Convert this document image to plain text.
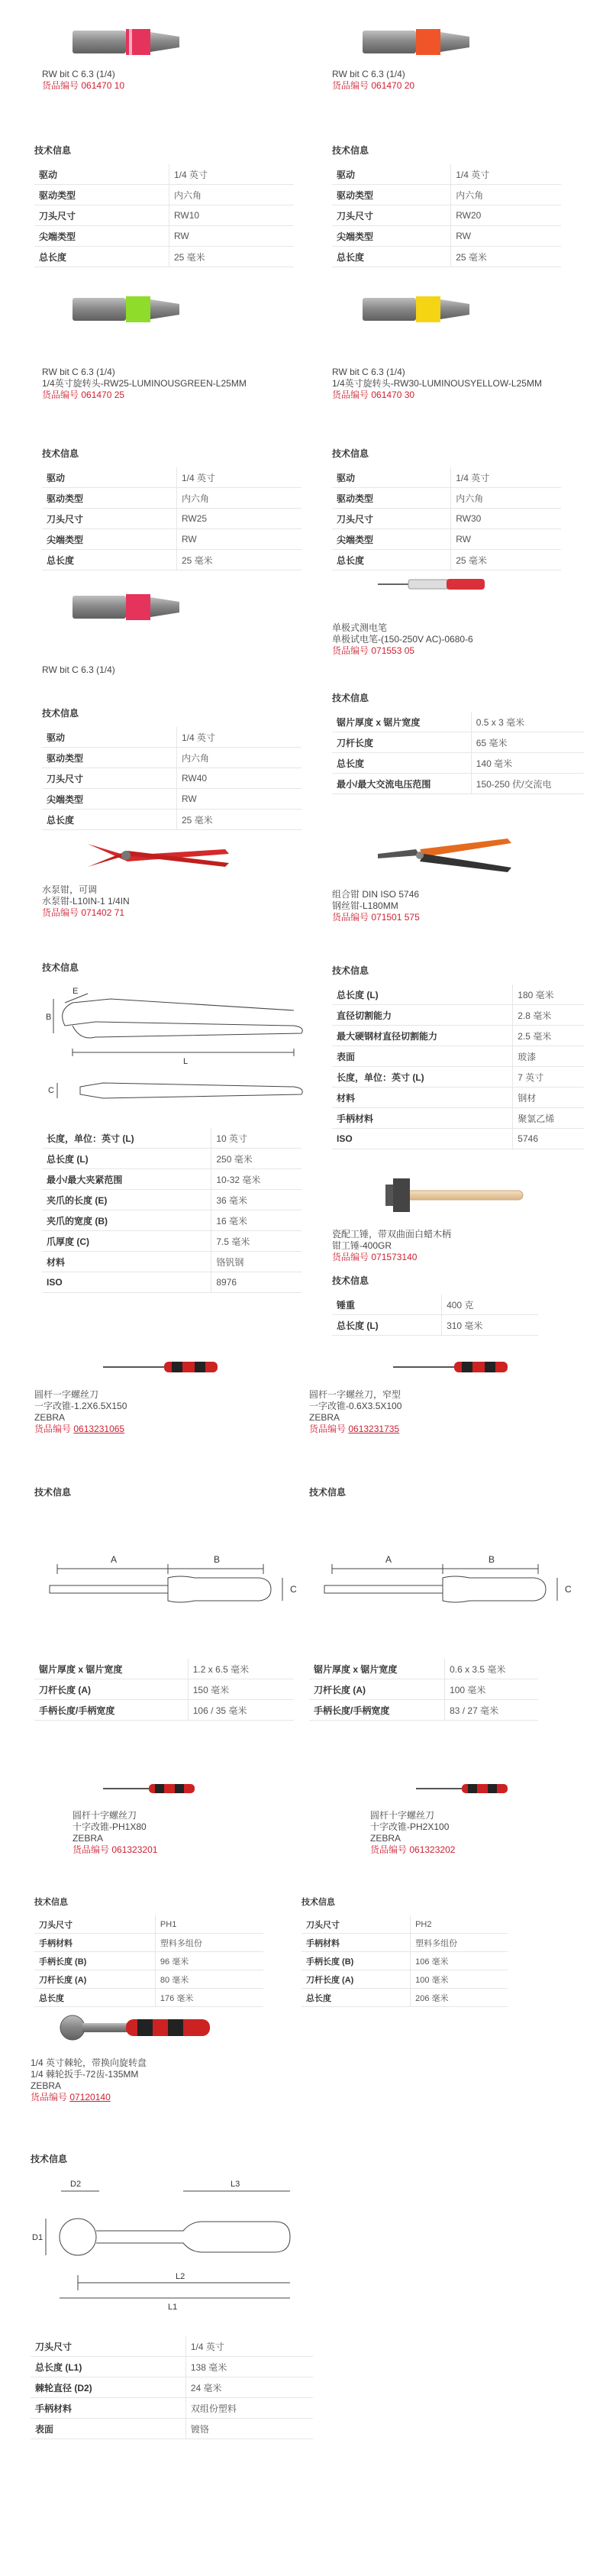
RW bit C 6.3 (1/4)
货品编号 061470 10
RW bit C 6.3 (1/4)
货品编号 061470 20
技术信息
驱动	1/4 英寸
驱动类型	内六角
刀头尺寸	RW10
尖端类型	RW
总长度	25 毫米
技术信息
驱动	1/4 英寸
驱动类型	内六角
刀头尺寸	RW20
尖端类型	RW
总长度	25 毫米
RW bit C 6.3 (1/4)
1/4英寸旋转头-RW25-LUMINOUSGREEN-L25MM
货品编号 061470 25
RW bit C 6.3 (1/4)
1/4英寸旋转头-RW30-LUMINOUSYELLOW-L25MM
货品编号 061470 30
技术信息
驱动	1/4 英寸
驱动类型	内六角
刀头尺寸	RW25
尖端类型	RW
总长度	25 毫米
技术信息
驱动	1/4 英寸
驱动类型	内六角
刀头尺寸	RW30
尖端类型	RW
总长度	25 毫米
RW bit C 6.3 (1/4)
技术信息
驱动	1/4 英寸
驱动类型	内六角
刀头尺寸	RW40
尖端类型	RW
总长度	25 毫米
单极式测电笔
单极试电笔-(150-250V AC)-0680-6
货品编号 071553 05
技术信息
锯片厚度 x 锯片宽度	0.5 x 3 毫米
刀杆长度	65 毫米
总长度	140 毫米
最小/最大交流电压范围	150-250 伏/交流电
水泵钳，可调
水泵钳-L10IN-1 1/4IN
货品编号 071402 71
组合钳 DIN ISO 5746
钢丝钳-L180MM
货品编号 071501 575
技术信息
E
B
L
C
长度，单位：英寸 (L)	10 英寸
总长度 (L)	250 毫米
最小/最大夹紧范围	10-32 毫米
夹爪的长度 (E)	36 毫米
夹爪的宽度 (B)	16 毫米
爪厚度 (C)	7.5 毫米
材料	铬钒钢
ISO	8976
技术信息
总长度 (L)	180 毫米
直径切割能力	2.8 毫米
最大硬钢材直径切割能力	2.5 毫米
表面	玻漆
长度，单位：英寸 (L)	7 英寸
材料	钢材
手柄材料	聚氯乙烯
ISO	5746
瓷配工锤，带双曲面白蜡木柄
钳工锤-400GR
货品编号 071573140
技术信息
锤重	400 克
总长度 (L)	310 毫米
圆杆一字螺丝刀
一字改锥-1.2X6.5X150
ZEBRA
货品编号 0613231065
圆杆一字螺丝刀，窄型
一字改锥-0.6X3.5X100
ZEBRA
货品编号 0613231735
技术信息
A	B
C
锯片厚度 x 锯片宽度	1.2 x 6.5 毫米
刀杆长度 (A)	150 毫米
手柄长度/手柄宽度	106 / 35 毫米
技术信息
A	B
C
锯片厚度 x 锯片宽度	0.6 x 3.5 毫米
刀杆长度 (A)	100 毫米
手柄长度/手柄宽度	83 / 27 毫米
圆杆十字螺丝刀
十字改锥-PH1X80
ZEBRA
货品编号 061323201
圆杆十字螺丝刀
十字改锥-PH2X100
ZEBRA
货品编号 061323202
技术信息
刀头尺寸	PH1
手柄材料	塑料多组份
手柄长度 (B)	96 毫米
刀杆长度 (A)	80 毫米
总长度	176 毫米
技术信息
刀头尺寸	PH2
手柄材料	塑料多组份
手柄长度 (B)	106 毫米
刀杆长度 (A)	100 毫米
总长度	206 毫米
1/4 英寸棘轮，带换向旋转盘
1/4 棘轮扳手-72齿-135MM
ZEBRA
货品编号 07120140
技术信息
D2	L3
D1
L2
L1
刀头尺寸	1/4 英寸
总长度 (L1)	138 毫米
棘轮直径 (D2)	24 毫米
手柄材料	双组份塑料
表面	镀铬
